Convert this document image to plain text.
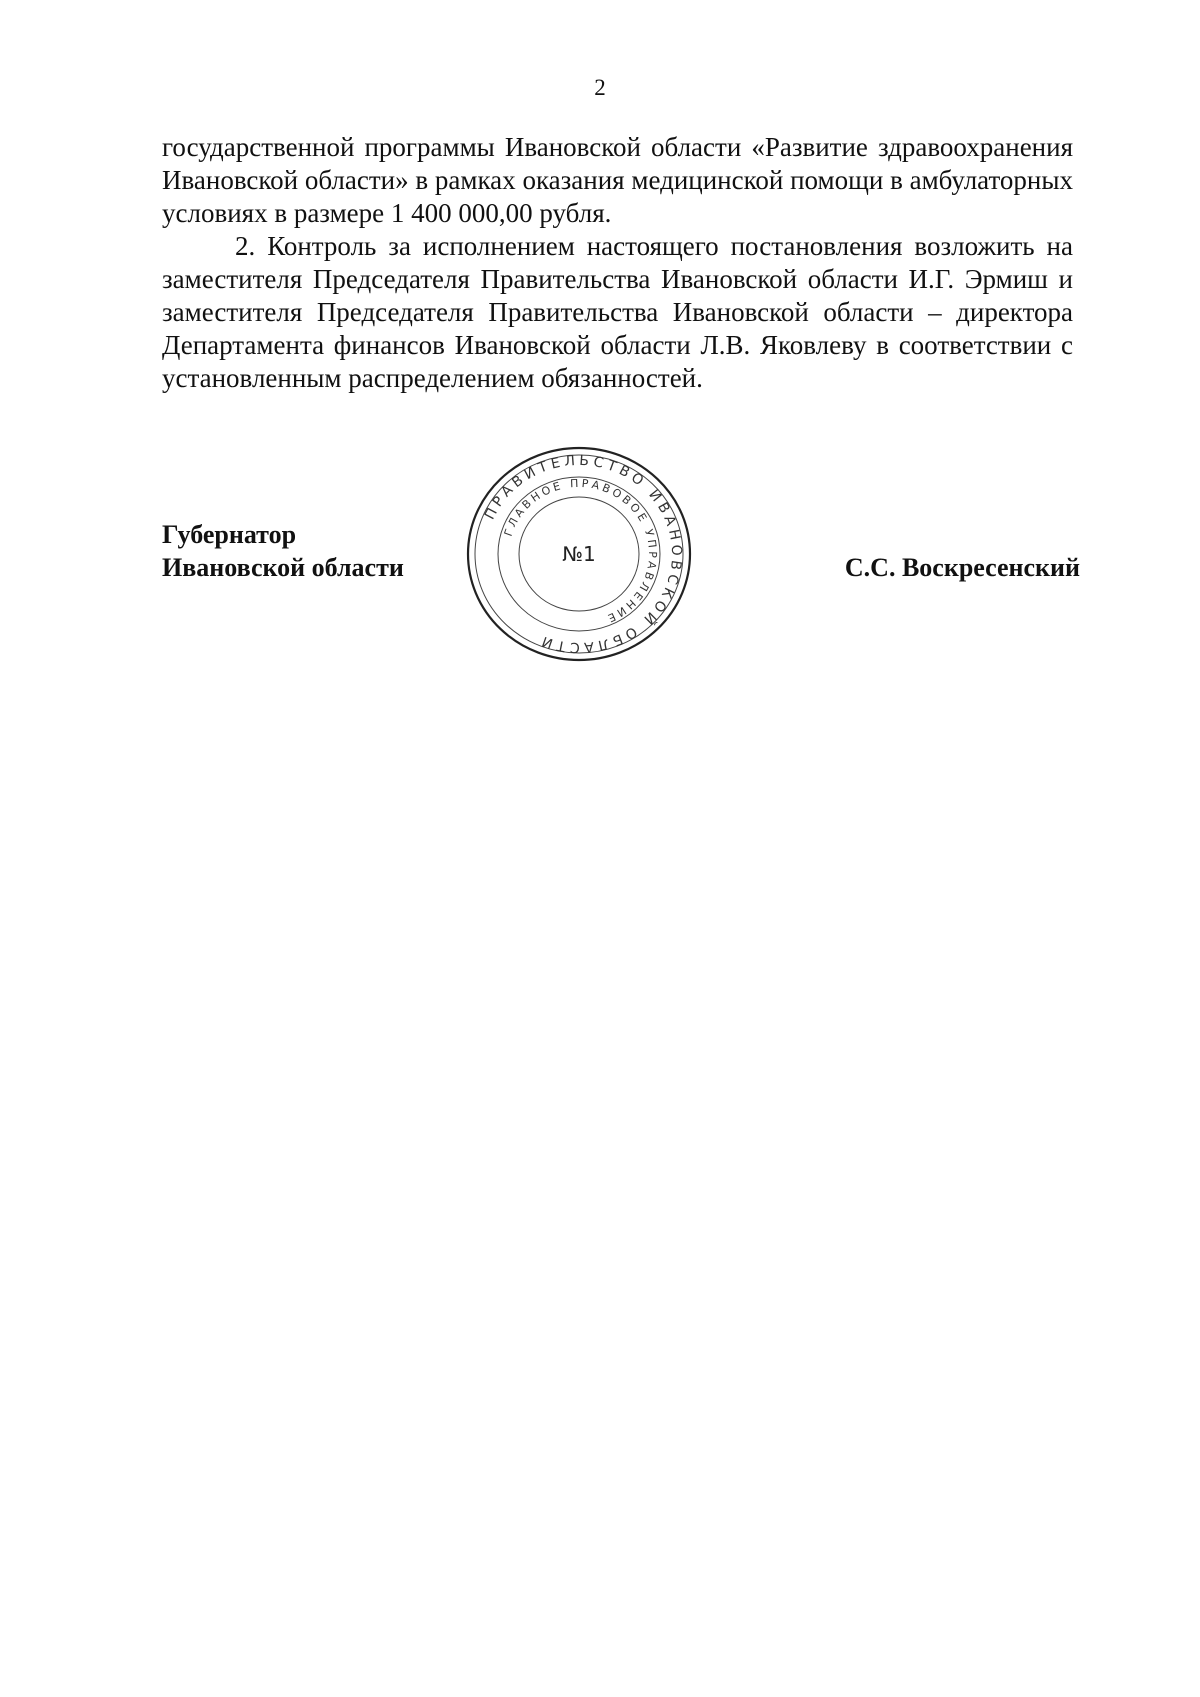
2

государственной программы Ивановской области «Развитие здравоохранения Ивановской области» в рамках оказания медицинской помощи в амбулаторных условиях в размере 1 400 000,00 рубля.

2. Контроль за исполнением настоящего постановления возложить на заместителя Председателя Правительства Ивановской области И.Г. Эрмиш и заместителя Председателя Правительства Ивановской области – директора Департамента финансов Ивановской области Л.В. Яковлеву в соответствии с установленным распределением обязанностей.

Губернатор
Ивановской области	С.С. Воскресенский
ПРАВИТЕЛЬСТВО ИВАНОВСКОЙ ОБЛАСТИ
ГЛАВНОЕ ПРАВОВОЕ УПРАВЛЕНИЕ
№1
